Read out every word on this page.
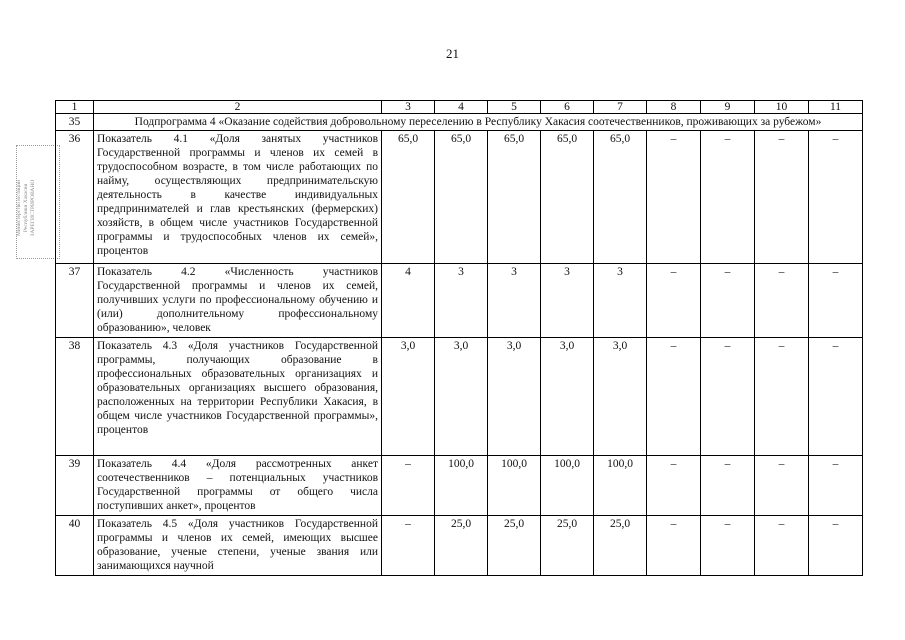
21
Министерство юстиции
Республики Хакасия
ЗАРЕГИСТРИРОВАНО
1	2	3	4	5	6	7	8	9	10	11
35	Подпрограмма 4 «Оказание содействия добровольному переселению в Республику Хакасия соотечественников, проживающих за рубежом»									
36	Показатель 4.1 «Доля занятых участников Государственной программы и членов их семей в трудоспособном возрасте, в том числе работающих по найму, осуществляющих предпринимательскую деятельность в качестве индивидуальных предпринимателей и глав крестьянских (фермерских) хозяйств, в общем числе участников Государственной программы и трудоспособных членов их семей», процентов	65,0	65,0	65,0	65,0	65,0	–	–	–	–
37	Показатель 4.2 «Численность участников Государственной программы и членов их семей, получивших услуги по профессиональному обучению и (или) дополнительному профессиональному образованию», человек	4	3	3	3	3	–	–	–	–
38	Показатель 4.3 «Доля участников Государственной программы, получающих образование в профессиональных образовательных организациях и образовательных организациях высшего образования, расположенных на территории Республики Хакасия, в общем числе участников Государственной программы», процентов	3,0	3,0	3,0	3,0	3,0	–	–	–	–
39	Показатель 4.4 «Доля рассмотренных анкет соотечественников – потенциальных участников Государственной программы от общего числа поступивших анкет», процентов	–	100,0	100,0	100,0	100,0	–	–	–	–
40	Показатель 4.5 «Доля участников Государственной программы и членов их семей, имеющих высшее образование, ученые степени, ученые звания или занимающихся научной	–	25,0	25,0	25,0	25,0	–	–	–	–
